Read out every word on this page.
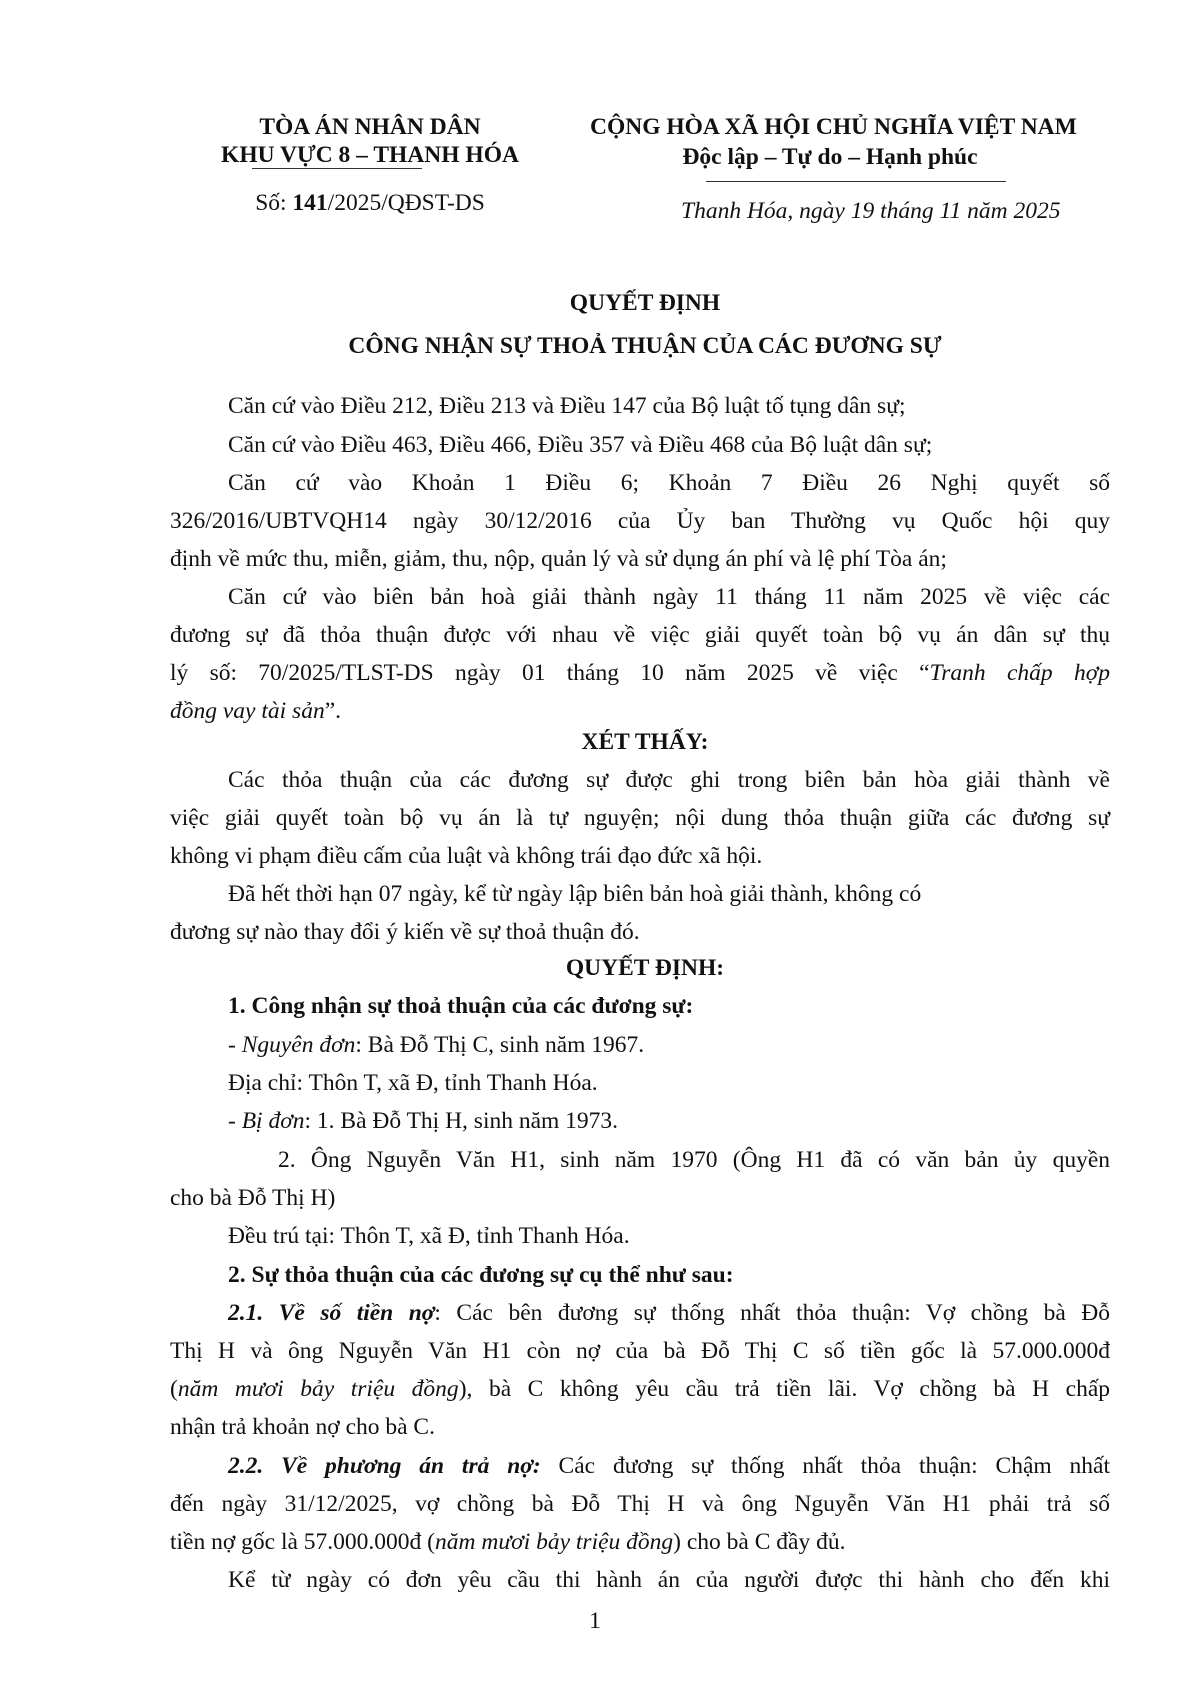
TÒA ÁN NHÂN DÂN
KHU VỰC 8 – THANH HÓA
Số: 141/2025/QĐST-DS
CỘNG HÒA XÃ HỘI CHỦ NGHĨA VIỆT NAM
Độc lập – Tự do – Hạnh phúc
Thanh Hóa, ngày 19 tháng 11 năm 2025
QUYẾT ĐỊNH
CÔNG NHẬN SỰ THOẢ THUẬN CỦA CÁC ĐƯƠNG SỰ
Căn cứ vào Điều 212, Điều 213 và Điều 147 của Bộ luật tố tụng dân sự;
Căn cứ vào Điều 463, Điều 466, Điều 357 và Điều 468 của Bộ luật dân sự;
Căn cứ vào Khoản 1 Điều 6; Khoản 7 Điều 26 Nghị quyết số
326/2016/UBTVQH14 ngày 30/12/2016 của Ủy ban Thường vụ Quốc hội quy
định về mức thu, miễn, giảm, thu, nộp, quản lý và sử dụng án phí và lệ phí Tòa án;
Căn cứ vào biên bản hoà giải thành ngày 11 tháng 11 năm 2025 về việc các
đương sự đã thỏa thuận được với nhau về việc giải quyết toàn bộ vụ án dân sự thụ
lý số: 70/2025/TLST-DS ngày 01 tháng 10 năm 2025 về việc “Tranh chấp hợp
đồng vay tài sản”.
XÉT THẤY:
Các thỏa thuận của các đương sự được ghi trong biên bản hòa giải thành về
việc giải quyết toàn bộ vụ án là tự nguyện; nội dung thỏa thuận giữa các đương sự
không vi phạm điều cấm của luật và không trái đạo đức xã hội.
Đã hết thời hạn 07 ngày, kể từ ngày lập biên bản hoà giải thành, không có
đương sự nào thay đổi ý kiến về sự thoả thuận đó.
QUYẾT ĐỊNH:
1. Công nhận sự thoả thuận của các đương sự:
- Nguyên đơn: Bà Đỗ Thị C, sinh năm 1967.
Địa chỉ: Thôn T, xã Đ, tỉnh Thanh Hóa.
- Bị đơn: 1. Bà Đỗ Thị H, sinh năm 1973.
2. Ông Nguyễn Văn H1, sinh năm 1970 (Ông H1 đã có văn bản ủy quyền
cho bà Đỗ Thị H)
Đều trú tại: Thôn T, xã Đ, tỉnh Thanh Hóa.
2. Sự thỏa thuận của các đương sự cụ thể như sau:
2.1. Về số tiền nợ: Các bên đương sự thống nhất thỏa thuận: Vợ chồng bà Đỗ
Thị H và ông Nguyễn Văn H1 còn nợ của bà Đỗ Thị C số tiền gốc là 57.000.000đ
(năm mươi bảy triệu đồng), bà C không yêu cầu trả tiền lãi. Vợ chồng bà H chấp
nhận trả khoản nợ cho bà C.
2.2. Về phương án trả nợ: Các đương sự thống nhất thỏa thuận: Chậm nhất
đến ngày 31/12/2025, vợ chồng bà Đỗ Thị H và ông Nguyễn Văn H1 phải trả số
tiền nợ gốc là 57.000.000đ (năm mươi bảy triệu đồng) cho bà C đầy đủ.
Kể từ ngày có đơn yêu cầu thi hành án của người được thi hành cho đến khi
1
